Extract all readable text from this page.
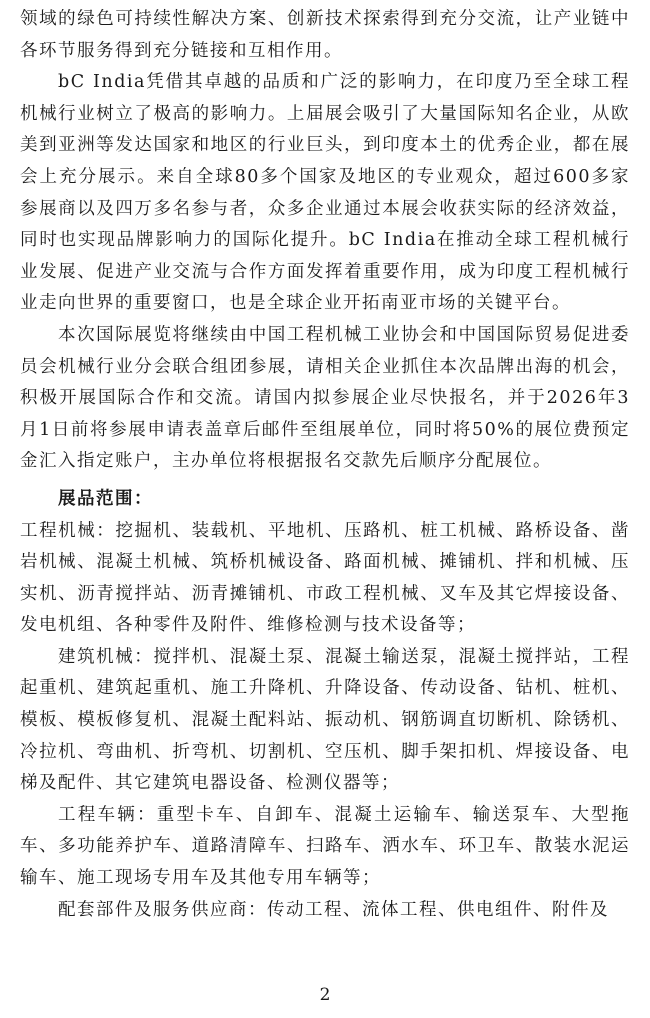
领域的绿色可持续性解决方案、创新技术探索得到充分交流，让产业链中各环节服务得到充分链接和互相作用。

bC India凭借其卓越的品质和广泛的影响力，在印度乃至全球工程机械行业树立了极高的影响力。上届展会吸引了大量国际知名企业，从欧美到亚洲等发达国家和地区的行业巨头，到印度本土的优秀企业，都在展会上充分展示。来自全球80多个国家及地区的专业观众，超过600多家参展商以及四万多名参与者，众多企业通过本展会收获实际的经济效益，同时也实现品牌影响力的国际化提升。bC India在推动全球工程机械行业发展、促进产业交流与合作方面发挥着重要作用，成为印度工程机械行业走向世界的重要窗口，也是全球企业开拓南亚市场的关键平台。

本次国际展览将继续由中国工程机械工业协会和中国国际贸易促进委员会机械行业分会联合组团参展，请相关企业抓住本次品牌出海的机会，积极开展国际合作和交流。请国内拟参展企业尽快报名，并于2026年3月1日前将参展申请表盖章后邮件至组展单位，同时将50%的展位费预定金汇入指定账户，主办单位将根据报名交款先后顺序分配展位。

展品范围：

工程机械：挖掘机、装载机、平地机、压路机、桩工机械、路桥设备、凿岩机械、混凝土机械、筑桥机械设备、路面机械、摊铺机、拌和机械、压实机、沥青搅拌站、沥青摊铺机、市政工程机械、叉车及其它焊接设备、发电机组、各种零件及附件、维修检测与技术设备等；

建筑机械：搅拌机、混凝土泵、混凝土输送泵，混凝土搅拌站，工程起重机、建筑起重机、施工升降机、升降设备、传动设备、钻机、桩机、模板、模板修复机、混凝土配料站、振动机、钢筋调直切断机、除锈机、冷拉机、弯曲机、折弯机、切割机、空压机、脚手架扣机、焊接设备、电梯及配件、其它建筑电器设备、检测仪器等；

工程车辆：重型卡车、自卸车、混凝土运输车、输送泵车、大型拖车、多功能养护车、道路清障车、扫路车、洒水车、环卫车、散装水泥运输车、施工现场专用车及其他专用车辆等；

配套部件及服务供应商：传动工程、流体工程、供电组件、附件及

2
